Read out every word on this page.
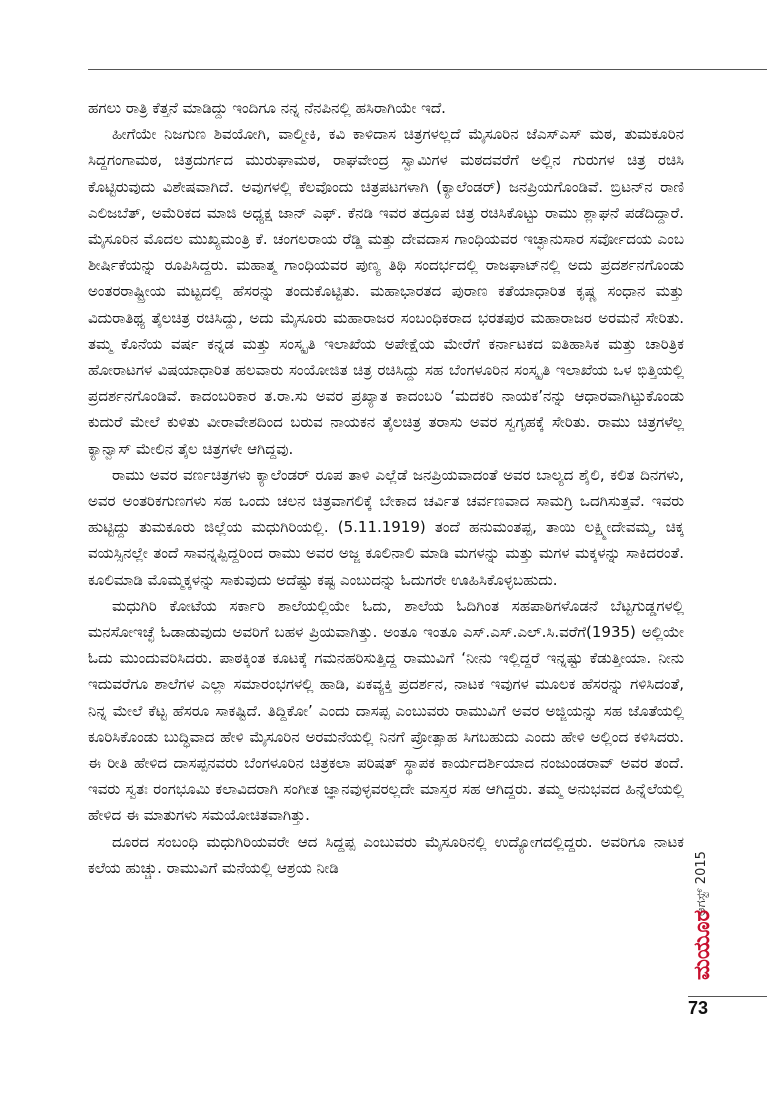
ಹಗಲು ರಾತ್ರಿ ಕೆತ್ತನೆ ಮಾಡಿದ್ದು ಇಂದಿಗೂ ನನ್ನ ನೆನಪಿನಲ್ಲಿ ಹಸಿರಾಗಿಯೇ ಇದೆ.

ಹೀಗೆಯೇ ನಿಜಗುಣ ಶಿವಯೋಗಿ, ವಾಲ್ಮೀಕಿ, ಕವಿ ಕಾಳಿದಾಸ ಚಿತ್ರಗಳಲ್ಲದೆ ಮೈಸೂರಿನ ಜೆಎಸ್‌ಎಸ್ ಮಠ, ತುಮಕೂರಿನ ಸಿದ್ದಗಂಗಾಮಠ, ಚಿತ್ರದುರ್ಗದ ಮುರುಘಾಮಠ, ರಾಘವೇಂದ್ರ ಸ್ವಾಮಿಗಳ ಮಠದವರೆಗೆ ಅಲ್ಲಿನ ಗುರುಗಳ ಚಿತ್ರ ರಚಿಸಿ ಕೊಟ್ಟಿರುವುದು ವಿಶೇಷವಾಗಿದೆ. ಅವುಗಳಲ್ಲಿ ಕೆಲವೊಂದು ಚಿತ್ರಪಟಗಳಾಗಿ (ಕ್ಯಾಲೆಂಡರ್) ಜನಪ್ರಿಯಗೊಂಡಿವೆ. ಬ್ರಿಟನ್‌ನ ರಾಣಿ ಎಲಿಜಬೆತ್, ಅಮೆರಿಕದ ಮಾಜಿ ಅಧ್ಯಕ್ಷ ಜಾನ್ ಎಫ್. ಕೆನಡಿ ಇವರ ತದ್ರೂಪ ಚಿತ್ರ ರಚಿಸಿಕೊಟ್ಟು ರಾಮು ಶ್ಲಾಘನೆ ಪಡೆದಿದ್ದಾರೆ. ಮೈಸೂರಿನ ಮೊದಲ ಮುಖ್ಯಮಂತ್ರಿ ಕೆ. ಚಂಗಲರಾಯ ರೆಡ್ಡಿ ಮತ್ತು ದೇವದಾಸ ಗಾಂಧಿಯವರ ಇಚ್ಛಾನುಸಾರ ಸರ್ವೋದಯ ಎಂಬ ಶೀರ್ಷಿಕೆಯನ್ನು ರೂಪಿಸಿದ್ದರು. ಮಹಾತ್ಮ ಗಾಂಧಿಯವರ ಪುಣ್ಯ ತಿಥಿ ಸಂದರ್ಭದಲ್ಲಿ ರಾಜಘಾಟ್‌ನಲ್ಲಿ ಅದು ಪ್ರದರ್ಶನಗೊಂಡು ಅಂತರರಾಷ್ಟ್ರೀಯ ಮಟ್ಟದಲ್ಲಿ ಹೆಸರನ್ನು ತಂದುಕೊಟ್ಟಿತು. ಮಹಾಭಾರತದ ಪುರಾಣ ಕತೆಯಾಧಾರಿತ ಕೃಷ್ಣ ಸಂಧಾನ ಮತ್ತು ವಿದುರಾತಿಥ್ಯ ತೈಲಚಿತ್ರ ರಚಿಸಿದ್ದು, ಅದು ಮೈಸೂರು ಮಹಾರಾಜರ ಸಂಬಂಧಿಕರಾದ ಭರತಪುರ ಮಹಾರಾಜರ ಅರಮನೆ ಸೇರಿತು. ತಮ್ಮ ಕೊನೆಯ ವರ್ಷ ಕನ್ನಡ ಮತ್ತು ಸಂಸ್ಕೃತಿ ಇಲಾಖೆಯ ಅಪೇಕ್ಷೆಯ ಮೇರೆಗೆ ಕರ್ನಾಟಕದ ಐತಿಹಾಸಿಕ ಮತ್ತು ಚಾರಿತ್ರಿಕ ಹೋರಾಟಗಳ ವಿಷಯಾಧಾರಿತ ಹಲವಾರು ಸಂಯೋಜಿತ ಚಿತ್ರ ರಚಿಸಿದ್ದು ಸಹ ಬೆಂಗಳೂರಿನ ಸಂಸ್ಕೃತಿ ಇಲಾಖೆಯ ಒಳ ಭಿತ್ತಿಯಲ್ಲಿ ಪ್ರದರ್ಶನಗೊಂಡಿವೆ. ಕಾದಂಬರಿಕಾರ ತ.ರಾ.ಸು ಅವರ ಪ್ರಖ್ಯಾತ ಕಾದಂಬರಿ ‘ಮದಕರಿ ನಾಯಕ’ನನ್ನು ಆಧಾರವಾಗಿಟ್ಟುಕೊಂಡು ಕುದುರೆ ಮೇಲೆ ಕುಳಿತು ವೀರಾವೇಶದಿಂದ ಬರುವ ನಾಯಕನ ತೈಲಚಿತ್ರ ತರಾಸು ಅವರ ಸ್ವಗೃಹಕ್ಕೆ ಸೇರಿತು. ರಾಮು ಚಿತ್ರಗಳೆಲ್ಲ ಕ್ಯಾನ್ವಾಸ್ ಮೇಲಿನ ತೈಲ ಚಿತ್ರಗಳೇ ಆಗಿದ್ದವು.

ರಾಮು ಅವರ ವರ್ಣಚಿತ್ರಗಳು ಕ್ಯಾಲೆಂಡರ್ ರೂಪ ತಾಳಿ ಎಲ್ಲೆಡೆ ಜನಪ್ರಿಯವಾದಂತೆ ಅವರ ಬಾಲ್ಯದ ಶೈಲಿ, ಕಲಿತ ದಿನಗಳು, ಅವರ ಅಂತರಿಕಗುಣಗಳು ಸಹ ಒಂದು ಚಲನ ಚಿತ್ರವಾಗಲಿಕ್ಕೆ ಬೇಕಾದ ಚರ್ವಿತ ಚರ್ವಣವಾದ ಸಾಮಗ್ರಿ ಒದಗಿಸುತ್ತವೆ. ಇವರು ಹುಟ್ಟಿದ್ದು ತುಮಕೂರು ಜಿಲ್ಲೆಯ ಮಧುಗಿರಿಯಲ್ಲಿ. (5.11.1919) ತಂದೆ ಹನುಮಂತಪ್ಪ, ತಾಯಿ ಲಕ್ಷ್ಮೀದೇವಮ್ಮ, ಚಿಕ್ಕ ವಯಸ್ಸಿನಲ್ಲೇ ತಂದೆ ಸಾವನ್ನಪ್ಪಿದ್ದರಿಂದ ರಾಮು ಅವರ ಅಜ್ಜ ಕೂಲಿನಾಲಿ ಮಾಡಿ ಮಗಳನ್ನು ಮತ್ತು ಮಗಳ ಮಕ್ಕಳನ್ನು ಸಾಕಿದರಂತೆ. ಕೂಲಿಮಾಡಿ ಮೊಮ್ಮಕ್ಕಳನ್ನು ಸಾಕುವುದು ಅದೆಷ್ಟು ಕಷ್ಟ ಎಂಬುದನ್ನು ಓದುಗರೇ ಊಹಿಸಿಕೊಳ್ಳಬಹುದು.

ಮಧುಗಿರಿ ಕೋಟೆಯ ಸರ್ಕಾರಿ ಶಾಲೆಯಲ್ಲಿಯೇ ಓದು, ಶಾಲೆಯ ಓದಿಗಿಂತ ಸಹಪಾಠಿಗಳೊಡನೆ ಬೆಟ್ಟಗುಡ್ಡಗಳಲ್ಲಿ ಮನಸೋಇಚ್ಛೆ ಓಡಾಡುವುದು ಅವರಿಗೆ ಬಹಳ ಪ್ರಿಯವಾಗಿತ್ತು. ಅಂತೂ ಇಂತೂ ಎಸ್.ಎಸ್.ಎಲ್.ಸಿ.ವರೆಗೆ(1935) ಅಲ್ಲಿಯೇ ಓದು ಮುಂದುವರಿಸಿದರು. ಪಾಠಕ್ಕಿಂತ ಕೂಟಕ್ಕೆ ಗಮನಹರಿಸುತ್ತಿದ್ದ ರಾಮುವಿಗೆ ‘ನೀನು ಇಲ್ಲಿದ್ದರೆ ಇನ್ನಷ್ಟು ಕೆಡುತ್ತೀಯಾ. ನೀನು ಇದುವರೆಗೂ ಶಾಲೆಗಳ ಎಲ್ಲಾ ಸಮಾರಂಭಗಳಲ್ಲಿ ಹಾಡಿ, ಏಕವ್ಯಕ್ತಿ ಪ್ರದರ್ಶನ, ನಾಟಕ ಇವುಗಳ ಮೂಲಕ ಹೆಸರನ್ನು ಗಳಿಸಿದಂತೆ, ನಿನ್ನ ಮೇಲೆ ಕೆಟ್ಟ ಹೆಸರೂ ಸಾಕಷ್ಟಿದೆ. ತಿದ್ದಿಕೋ’ ಎಂದು ದಾಸಪ್ಪ ಎಂಬುವರು ರಾಮುವಿಗೆ ಅವರ ಅಜ್ಜಿಯನ್ನು ಸಹ ಜೊತೆಯಲ್ಲಿ ಕೂರಿಸಿಕೊಂಡು ಬುದ್ಧಿವಾದ ಹೇಳಿ ಮೈಸೂರಿನ ಅರಮನೆಯಲ್ಲಿ ನಿನಗೆ ಪ್ರೋತ್ಸಾಹ ಸಿಗಬಹುದು ಎಂದು ಹೇಳಿ ಅಲ್ಲಿಂದ ಕಳಿಸಿದರು. ಈ ರೀತಿ ಹೇಳಿದ ದಾಸಪ್ಪನವರು ಬೆಂಗಳೂರಿನ ಚಿತ್ರಕಲಾ ಪರಿಷತ್ ಸ್ಥಾಪಕ ಕಾರ್ಯದರ್ಶಿಯಾದ ನಂಜುಂಡರಾವ್ ಅವರ ತಂದೆ. ಇವರು ಸ್ವತಃ ರಂಗಭೂಮಿ ಕಲಾವಿದರಾಗಿ ಸಂಗೀತ ಜ್ಞಾನವುಳ್ಳವರಲ್ಲದೇ ಮಾಸ್ತರ ಸಹ ಆಗಿದ್ದರು. ತಮ್ಮ ಅನುಭವದ ಹಿನ್ನೆಲೆಯಲ್ಲಿ ಹೇಳಿದ ಈ ಮಾತುಗಳು ಸಮಯೋಚಿತವಾಗಿತ್ತು.

ದೂರದ ಸಂಬಂಧಿ ಮಧುಗಿರಿಯವರೇ ಆದ ಸಿದ್ದಪ್ಪ ಎಂಬುವರು ಮೈಸೂರಿನಲ್ಲಿ ಉದ್ಯೋಗದಲ್ಲಿದ್ದರು. ಅವರಿಗೂ ನಾಟಕ ಕಲೆಯ ಹುಚ್ಚು. ರಾಮುವಿಗೆ ಮನೆಯಲ್ಲಿ ಆಶ್ರಯ ನೀಡಿ	ಆಗಸ್ಟ್ 2015
ಮಯೂರ
73
